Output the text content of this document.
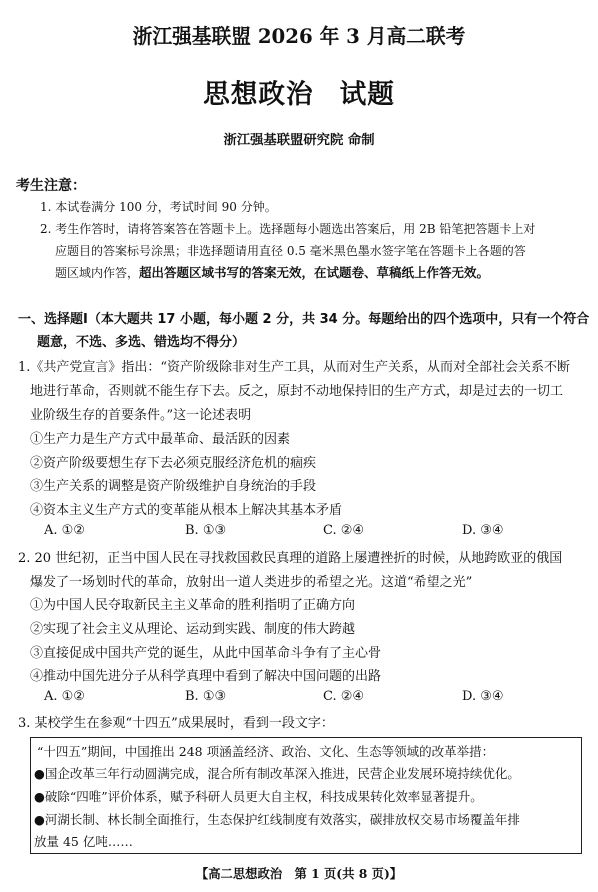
浙江强基联盟 2026 年 3 月高二联考
思想政治 试题
浙江强基联盟研究院 命制
考生注意：
1. 本试卷满分 100 分，考试时间 90 分钟。
2. 考生作答时，请将答案答在答题卡上。选择题每小题选出答案后，用 2B 铅笔把答题卡上对
应题目的答案标号涂黑；非选择题请用直径 0.5 毫米黑色墨水签字笔在答题卡上各题的答
题区域内作答，超出答题区域书写的答案无效，在试题卷、草稿纸上作答无效。
一、选择题Ⅰ（本大题共 17 小题，每小题 2 分，共 34 分。每题给出的四个选项中，只有一个符合
题意，不选、多选、错选均不得分）
1.《共产党宣言》指出：“资产阶级除非对生产工具，从而对生产关系，从而对全部社会关系不断
地进行革命，否则就不能生存下去。反之，原封不动地保持旧的生产方式，却是过去的一切工
业阶级生存的首要条件。”这一论述表明
①生产力是生产方式中最革命、最活跃的因素
②资产阶级要想生存下去必须克服经济危机的痼疾
③生产关系的调整是资产阶级维护自身统治的手段
④资本主义生产方式的变革能从根本上解决其基本矛盾
A. ①②	B. ①③	C. ②④	D. ③④
2. 20 世纪初，正当中国人民在寻找救国救民真理的道路上屡遭挫折的时候，从地跨欧亚的俄国
爆发了一场划时代的革命，放射出一道人类进步的希望之光。这道“希望之光”
①为中国人民夺取新民主主义革命的胜利指明了正确方向
②实现了社会主义从理论、运动到实践、制度的伟大跨越
③直接促成中国共产党的诞生，从此中国革命斗争有了主心骨
④推动中国先进分子从科学真理中看到了解决中国问题的出路
A. ①②	B. ①③	C. ②④	D. ③④
3. 某校学生在参观“十四五”成果展时，看到一段文字：
“十四五”期间，中国推出 248 项涵盖经济、政治、文化、生态等领域的改革举措：
●国企改革三年行动圆满完成，混合所有制改革深入推进，民营企业发展环境持续优化。
●破除“四唯”评价体系，赋予科研人员更大自主权，科技成果转化效率显著提升。
●河湖长制、林长制全面推行，生态保护红线制度有效落实，碳排放权交易市场覆盖年排
放量 45 亿吨……
【高二思想政治　第 1 页(共 8 页)】
